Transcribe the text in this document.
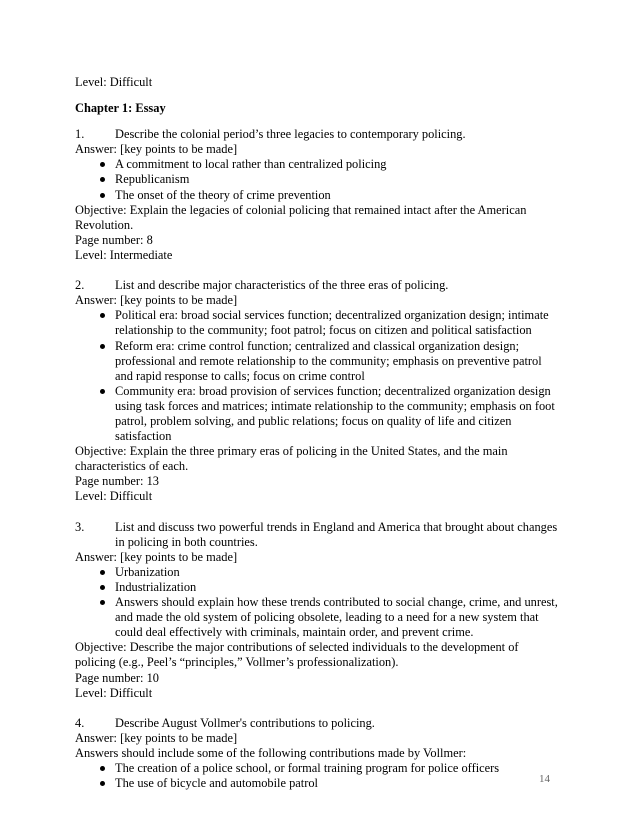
Level: Difficult
Chapter 1: Essay
1. Describe the colonial period’s three legacies to contemporary policing.
Answer: [key points to be made]
A commitment to local rather than centralized policing
Republicanism
The onset of the theory of crime prevention
Objective: Explain the legacies of colonial policing that remained intact after the American
Revolution.
Page number: 8
Level: Intermediate
2. List and describe major characteristics of the three eras of policing.
Answer: [key points to be made]
Political era: broad social services function; decentralized organization design; intimate
relationship to the community; foot patrol; focus on citizen and political satisfaction
Reform era: crime control function; centralized and classical organization design;
professional and remote relationship to the community; emphasis on preventive patrol
and rapid response to calls; focus on crime control
Community era: broad provision of services function; decentralized organization design
using task forces and matrices; intimate relationship to the community; emphasis on foot
patrol, problem solving, and public relations; focus on quality of life and citizen
satisfaction
Objective: Explain the three primary eras of policing in the United States, and the main
characteristics of each.
Page number: 13
Level: Difficult
3. List and discuss two powerful trends in England and America that brought about changes
in policing in both countries.
Answer: [key points to be made]
Urbanization
Industrialization
Answers should explain how these trends contributed to social change, crime, and unrest,
and made the old system of policing obsolete, leading to a need for a new system that
could deal effectively with criminals, maintain order, and prevent crime.
Objective: Describe the major contributions of selected individuals to the development of
policing (e.g., Peel’s “principles,” Vollmer’s professionalization).
Page number: 10
Level: Difficult
4. Describe August Vollmer's contributions to policing.
Answer: [key points to be made]
Answers should include some of the following contributions made by Vollmer:
The creation of a police school, or formal training program for police officers
The use of bicycle and automobile patrol	14
